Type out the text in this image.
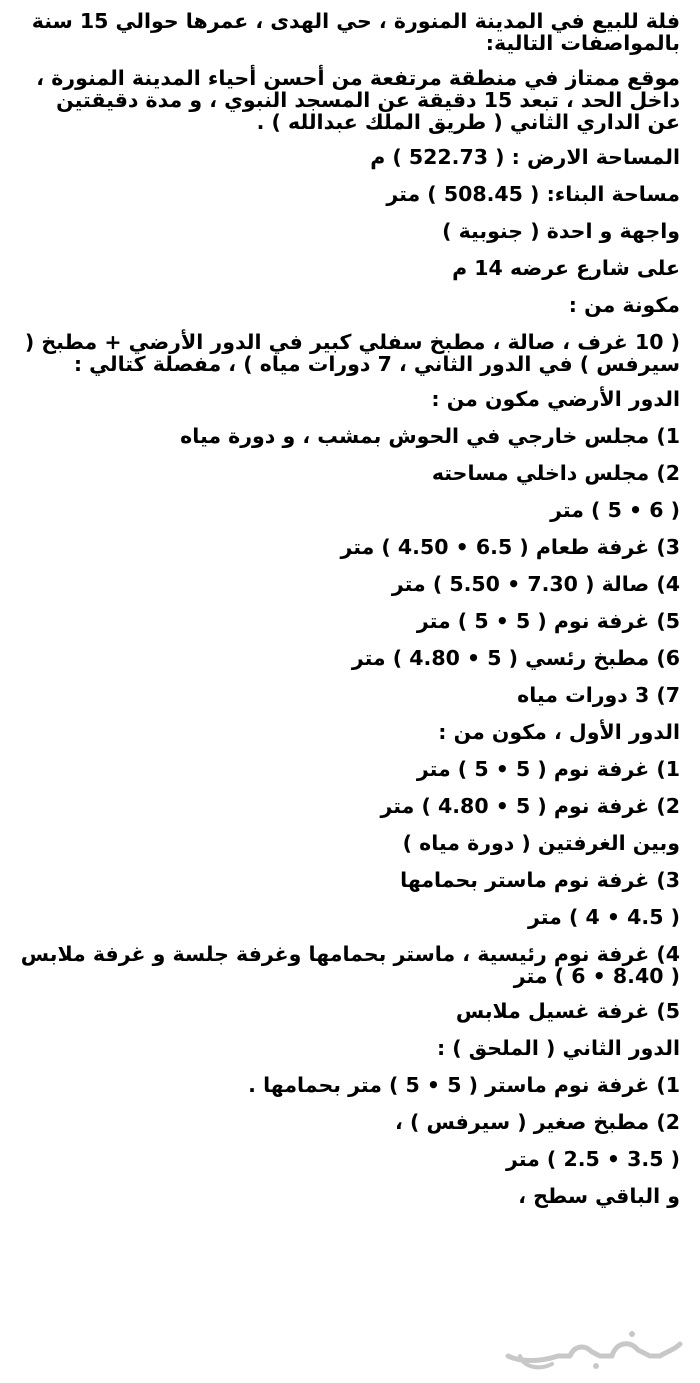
فلة للبيع في المدينة المنورة ، حي الهدى ، عمرها حوالي 15 سنة بالمواصفات التالية:

موقع ممتاز في منطقة مرتفعة من أحسن أحياء المدينة المنورة ، داخل الحد ، تبعد 15 دقيقة عن المسجد النبوي ، و مدة دقيقتين عن الداري الثاني ( طريق الملك عبدالله ) .

المساحة الارض : ( 522.73 ) م

مساحة البناء: ( 508.45 ) متر

واجهة و احدة ( جنوبية )

على شارع عرضه 14 م

مكونة من :

( 10 غرف ، صالة ، مطبخ سفلي كبير في الدور الأرضي + مطبخ ( سيرفس ) في الدور الثاني ، 7 دورات مياه ) ، مفصلة كتالي :

الدور الأرضي مكون من :

1) مجلس خارجي في الحوش بمشب ، و دورة مياه

2) مجلس داخلي مساحته

( 6 • 5 ) متر

3) غرفة طعام ( 6.5 • 4.50 ) متر

4) صالة ( 7.30 • 5.50 ) متر

5) غرفة نوم ( 5 • 5 ) متر

6) مطبخ رئسي ( 5 • 4.80 ) متر

7) 3 دورات مياه

الدور الأول ، مكون من :

1) غرفة نوم ( 5 • 5 ) متر

2) غرفة نوم ( 5 • 4.80 ) متر

وبين الغرفتين ( دورة مياه )

3) غرفة نوم ماستر بحمامها

( 4.5 • 4 ) متر

4) غرفة نوم رئيسية ، ماستر بحمامها وغرفة جلسة و غرفة ملابس ( 8.40 • 6 ) متر

5) غرفة غسيل ملابس

الدور الثاني ( الملحق ) :

1) غرفة نوم ماستر ( 5 • 5 ) متر بحمامها .

2) مطبخ صغير ( سيرفس ) ،

( 3.5 • 2.5 ) متر

و الباقي سطح ،
